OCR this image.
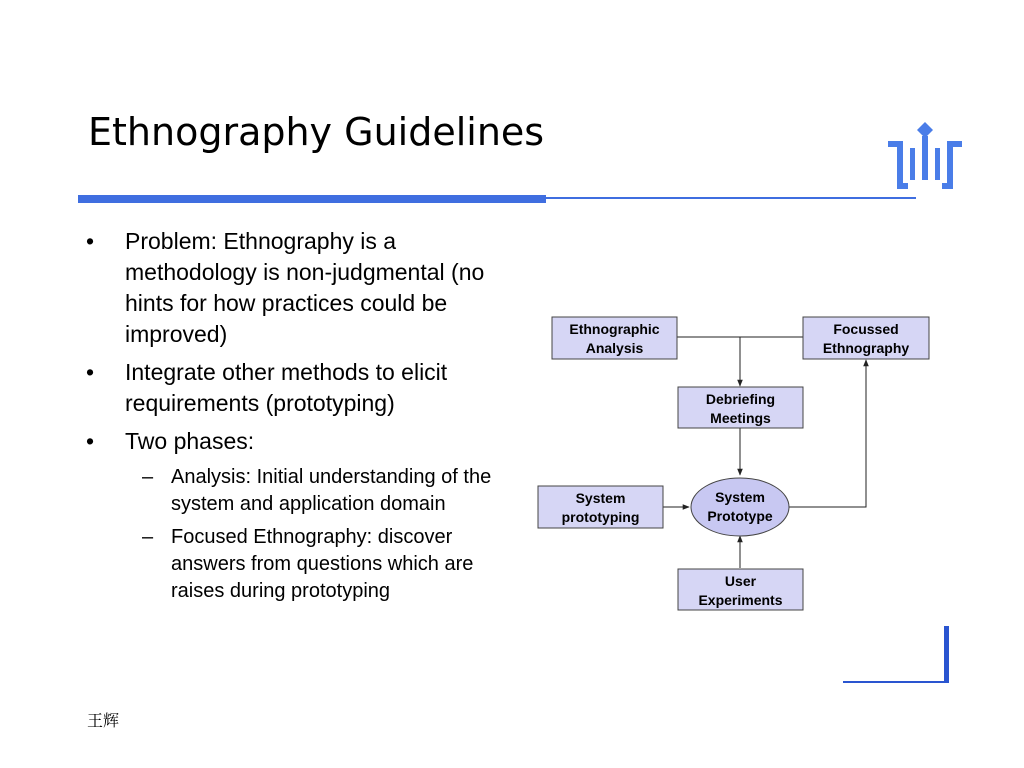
Ethnography Guidelines
• Problem: Ethnography is a methodology is non-judgmental (no hints for how practices could be improved)
• Integrate other methods to elicit requirements (prototyping)
• Two phases:
– Analysis: Initial understanding of the system and application domain
– Focused Ethnography: discover answers from questions which are raises during prototyping
Ethnographic
Analysis
Focussed
Ethnography
Debriefing
Meetings
System
prototyping
System
Prototype
User
Experiments
王辉
